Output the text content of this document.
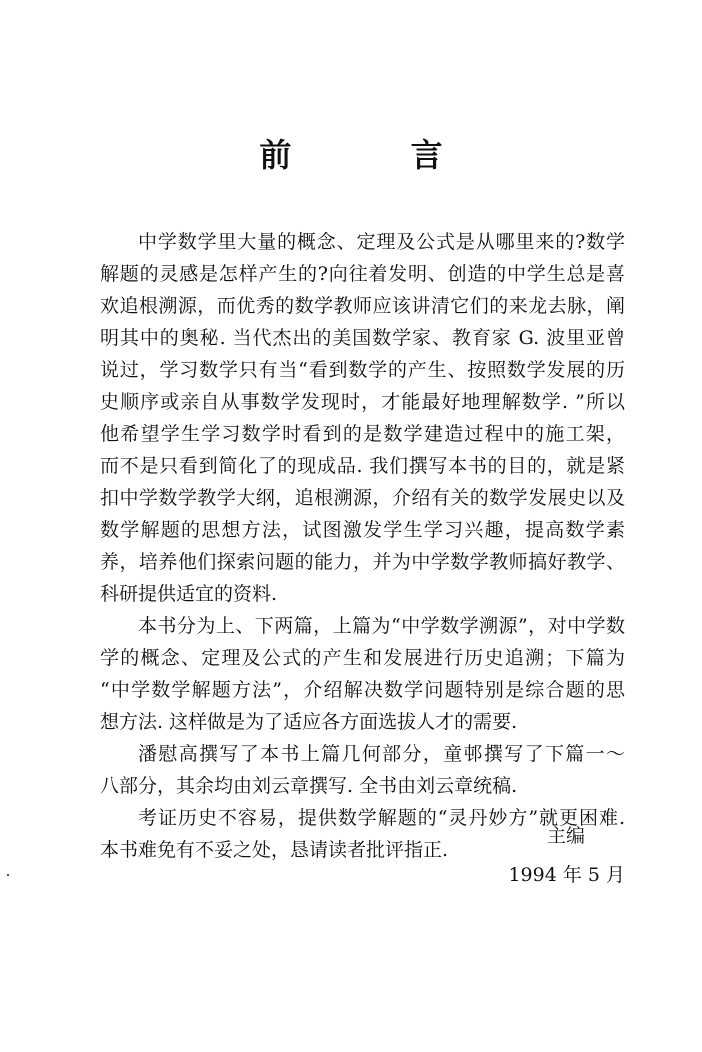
前 言
中学数学里大量的概念、定理及公式是从哪里来的?数学
解题的灵感是怎样产生的?向往着发明、创造的中学生总是喜
欢追根溯源，而优秀的数学教师应该讲清它们的来龙去脉，阐
明其中的奥秘. 当代杰出的美国数学家、教育家 G. 波里亚曾
说过，学习数学只有当“看到数学的产生、按照数学发展的历
史顺序或亲自从事数学发现时，才能最好地理解数学. ”所以
他希望学生学习数学时看到的是数学建造过程中的施工架，
而不是只看到简化了的现成品. 我们撰写本书的目的，就是紧
扣中学数学教学大纲，追根溯源，介绍有关的数学发展史以及
数学解题的思想方法，试图激发学生学习兴趣，提高数学素
养，培养他们探索问题的能力，并为中学数学教师搞好教学、
科研提供适宜的资料.
本书分为上、下两篇，上篇为“中学数学溯源”，对中学数
学的概念、定理及公式的产生和发展进行历史追溯；下篇为
“中学数学解题方法”，介绍解决数学问题特别是综合题的思
想方法. 这样做是为了适应各方面选拔人才的需要.
潘慰高撰写了本书上篇几何部分，童邨撰写了下篇一～
八部分，其余均由刘云章撰写. 全书由刘云章统稿.
考证历史不容易，提供数学解题的“灵丹妙方”就更困难.
本书难免有不妥之处，恳请读者批评指正.
主编
1994 年 5 月
